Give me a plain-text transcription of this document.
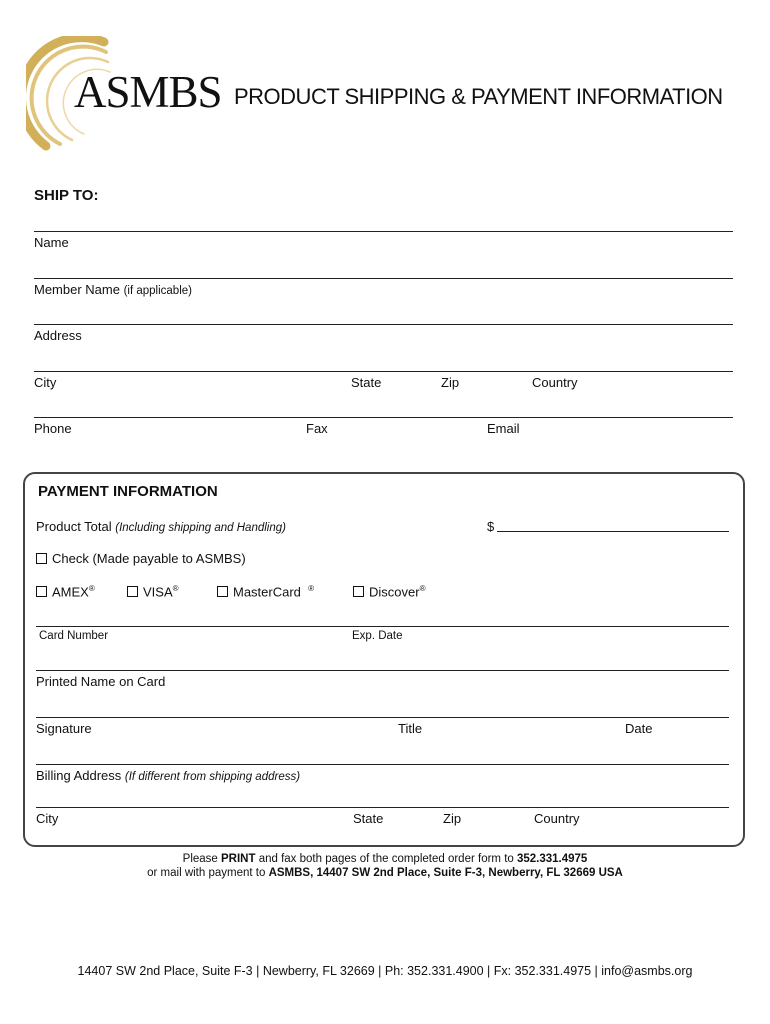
ASMBS PRODUCT SHIPPING & PAYMENT INFORMATION
SHIP TO:
Name
Member Name (if applicable)
Address
City	State	Zip	Country
Phone	Fax	Email
PAYMENT INFORMATION
Product Total (Including shipping and Handling)	$
Check (Made payable to ASMBS)
AMEX®	VISA®	MasterCard ®	Discover®
Card Number	Exp. Date
Printed Name on Card
Signature	Title	Date
Billing Address (If different from shipping address)
City	State	Zip	Country
Please PRINT and fax both pages of the completed order form to 352.331.4975
or mail with payment to ASMBS, 14407 SW 2nd Place, Suite F-3, Newberry, FL 32669 USA
14407 SW 2nd Place, Suite F-3 | Newberry, FL 32669 | Ph: 352.331.4900 | Fx: 352.331.4975 | info@asmbs.org
